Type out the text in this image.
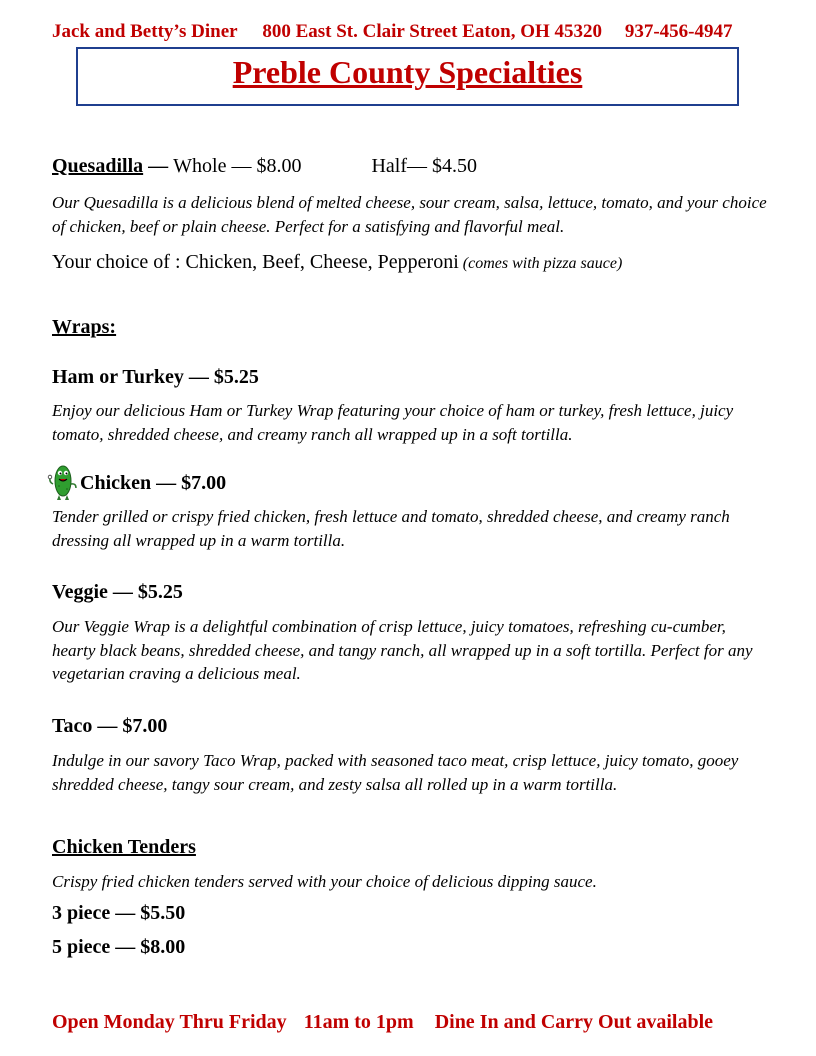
Jack and Betty’s Diner 800 East St. Clair Street Eaton, OH 45320 937-456-4947
Preble County Specialties
Quesadilla — Whole — $8.00	Half— $4.50
Our Quesadilla is a delicious blend of melted cheese, sour cream, salsa, lettuce, tomato, and your choice of chicken, beef or plain cheese. Perfect for a satisfying and flavorful meal.
Your choice of : Chicken, Beef, Cheese, Pepperoni (comes with pizza sauce)
Wraps:
Ham or Turkey — $5.25
Enjoy our delicious Ham or Turkey Wrap featuring your choice of ham or turkey, fresh lettuce, juicy tomato, shredded cheese, and creamy ranch all wrapped up in a soft tortilla.
Chicken — $7.00
Tender grilled or crispy fried chicken, fresh lettuce and tomato, shredded cheese, and creamy ranch dressing all wrapped up in a warm tortilla.
Veggie — $5.25
Our Veggie Wrap is a delightful combination of crisp lettuce, juicy tomatoes, refreshing cu-cumber, hearty black beans, shredded cheese, and tangy ranch, all wrapped up in a soft tortilla. Perfect for any vegetarian craving a delicious meal.
Taco — $7.00
Indulge in our savory Taco Wrap, packed with seasoned taco meat, crisp lettuce, juicy tomato, gooey shredded cheese, tangy sour cream, and zesty salsa all rolled up in a warm tortilla.
Chicken Tenders
Crispy fried chicken tenders served with your choice of delicious dipping sauce.
3 piece — $5.50
5 piece — $8.00
Open Monday Thru Friday 11am to 1pm Dine In and Carry Out available
